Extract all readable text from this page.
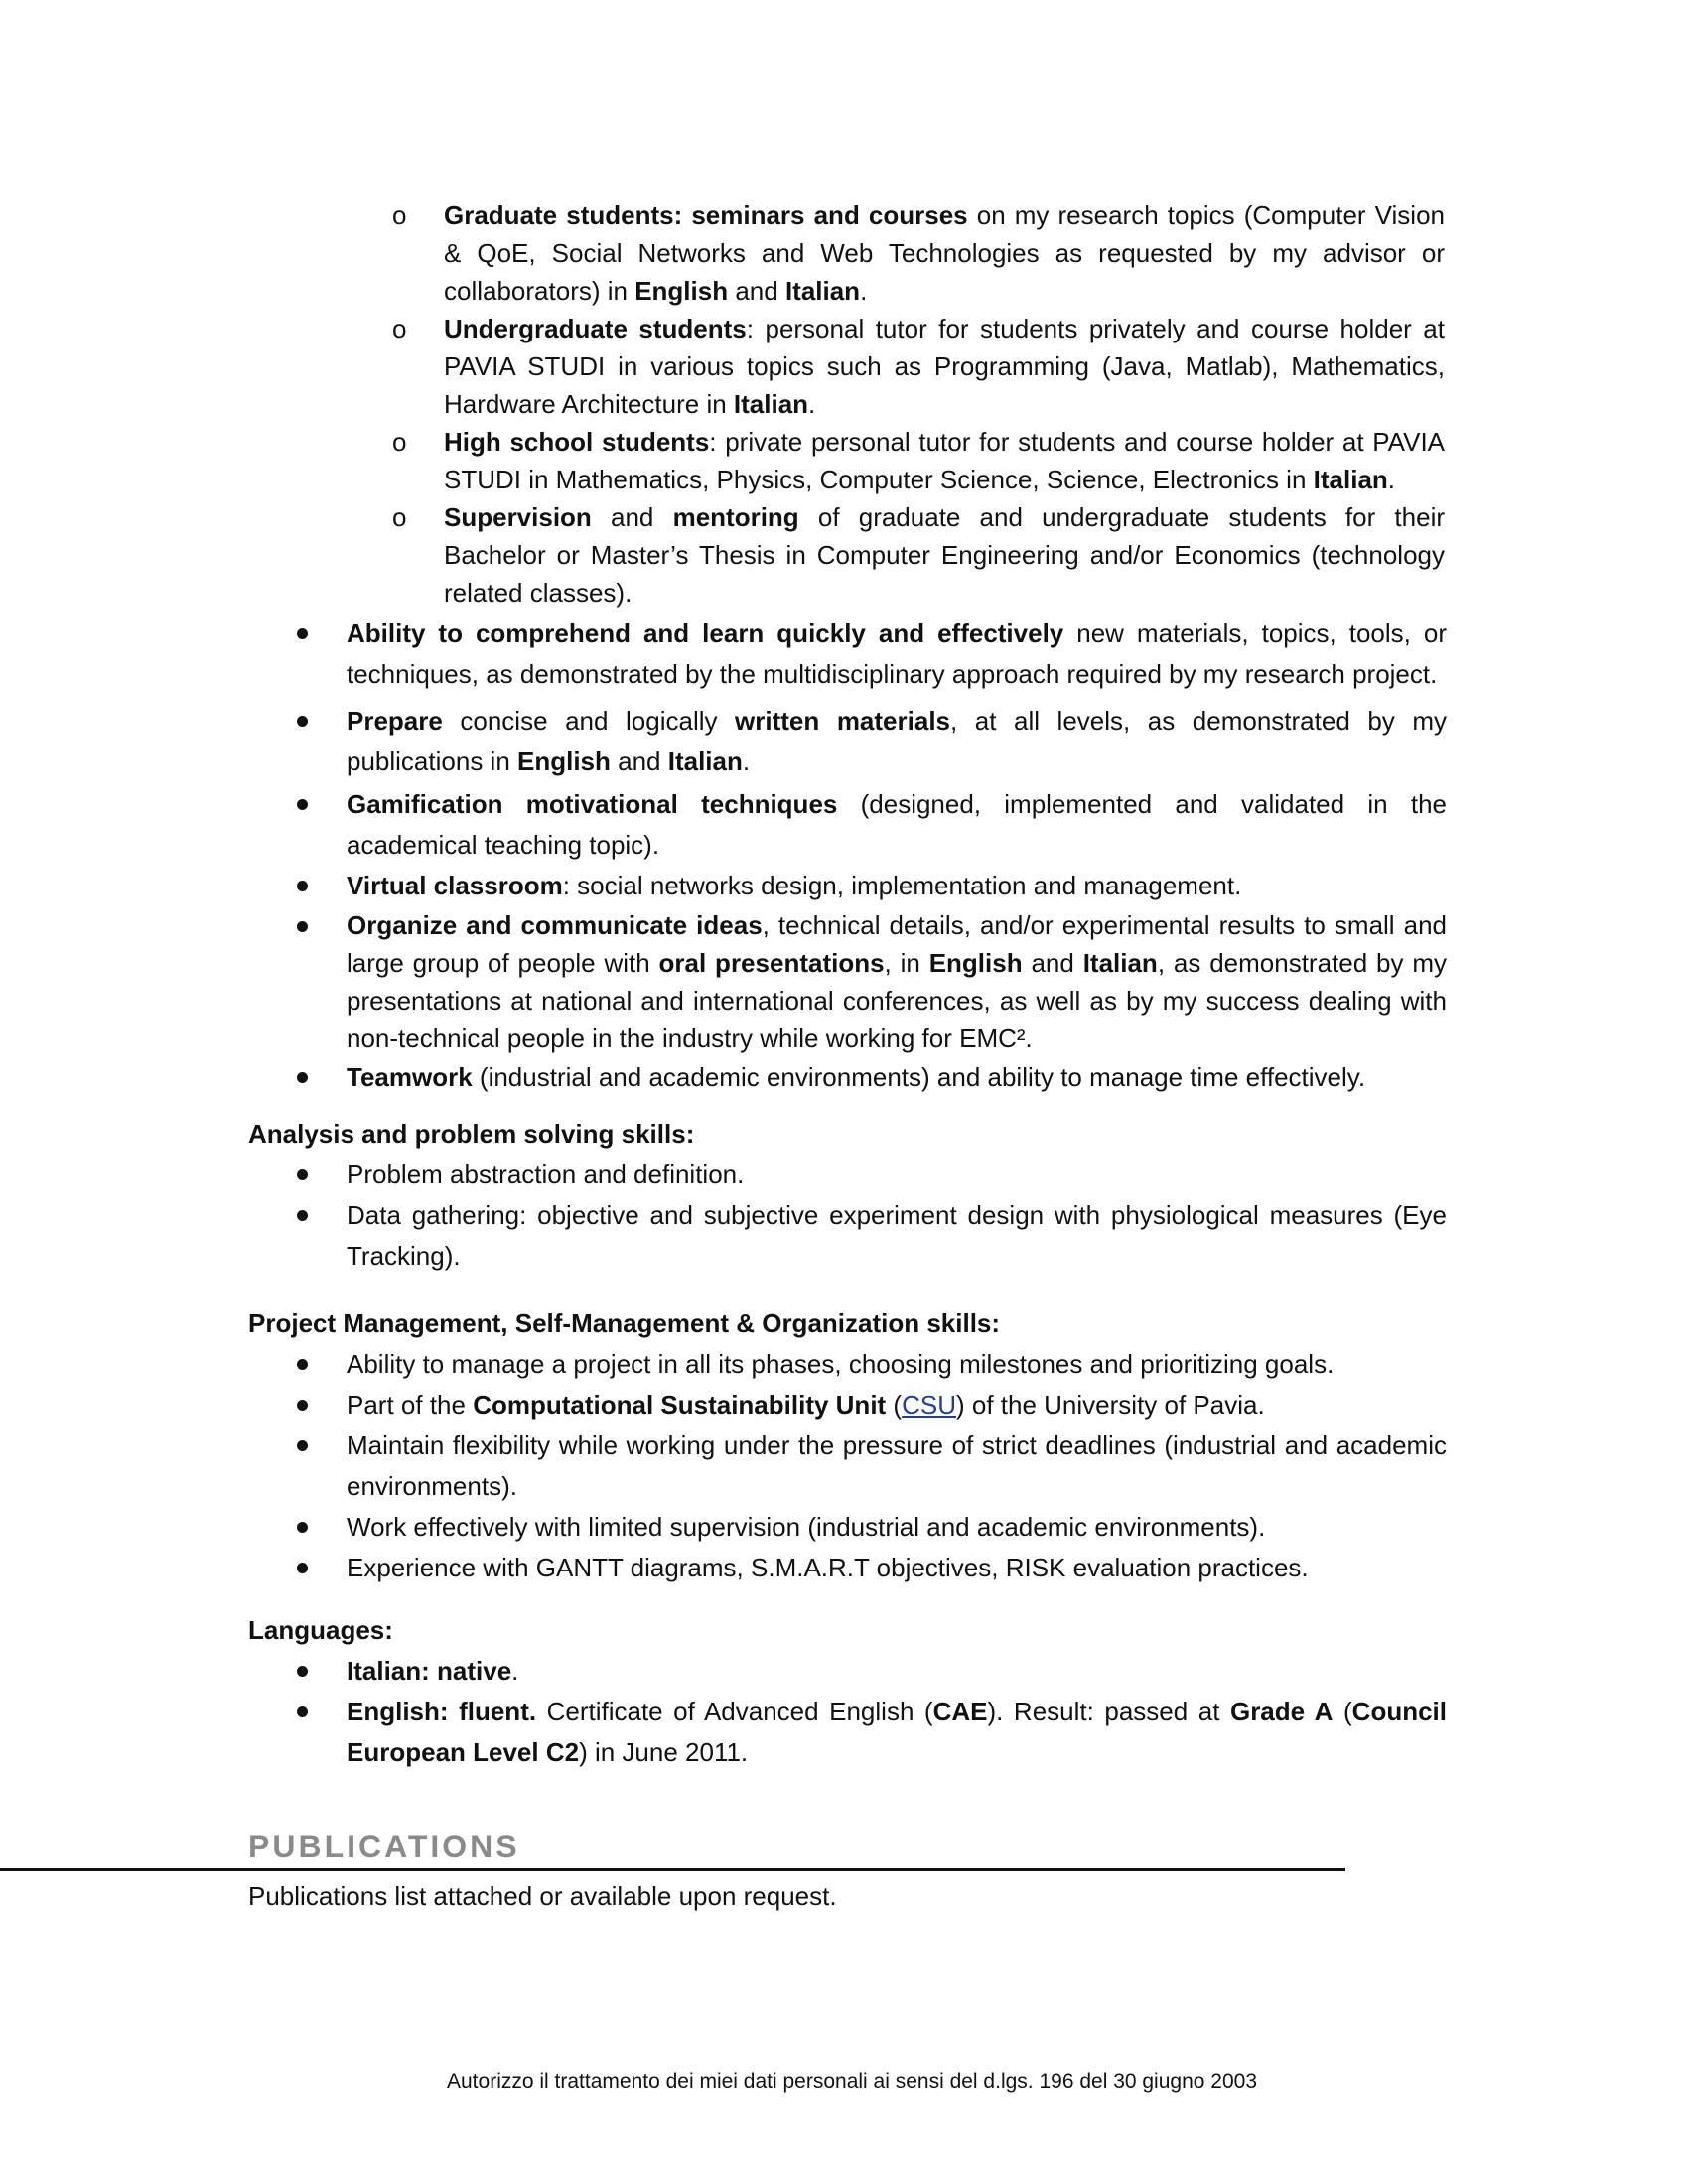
o Graduate students: seminars and courses on my research topics (Computer Vision & QoE, Social Networks and Web Technologies as requested by my advisor or collaborators) in English and Italian.
o Undergraduate students: personal tutor for students privately and course holder at PAVIA STUDI in various topics such as Programming (Java, Matlab), Mathematics, Hardware Architecture in Italian.
o High school students: private personal tutor for students and course holder at PAVIA STUDI in Mathematics, Physics, Computer Science, Science, Electronics in Italian.
o Supervision and mentoring of graduate and undergraduate students for their Bachelor or Master’s Thesis in Computer Engineering and/or Economics (technology related classes).
Ability to comprehend and learn quickly and effectively new materials, topics, tools, or techniques, as demonstrated by the multidisciplinary approach required by my research project.
Prepare concise and logically written materials, at all levels, as demonstrated by my publications in English and Italian.
Gamification motivational techniques (designed, implemented and validated in the academical teaching topic).
Virtual classroom: social networks design, implementation and management.
Organize and communicate ideas, technical details, and/or experimental results to small and large group of people with oral presentations, in English and Italian, as demonstrated by my presentations at national and international conferences, as well as by my success dealing with non-technical people in the industry while working for EMC².
Teamwork (industrial and academic environments) and ability to manage time effectively.
Analysis and problem solving skills:
Problem abstraction and definition.
Data gathering: objective and subjective experiment design with physiological measures (Eye Tracking).
Project Management, Self-Management & Organization skills:
Ability to manage a project in all its phases, choosing milestones and prioritizing goals.
Part of the Computational Sustainability Unit (CSU) of the University of Pavia.
Maintain flexibility while working under the pressure of strict deadlines (industrial and academic environments).
Work effectively with limited supervision (industrial and academic environments).
Experience with GANTT diagrams, S.M.A.R.T objectives, RISK evaluation practices.
Languages:
Italian: native.
English: fluent. Certificate of Advanced English (CAE). Result: passed at Grade A (Council European Level C2) in June 2011.
PUBLICATIONS
Publications list attached or available upon request.
Autorizzo il trattamento dei miei dati personali ai sensi del d.lgs. 196 del 30 giugno 2003
